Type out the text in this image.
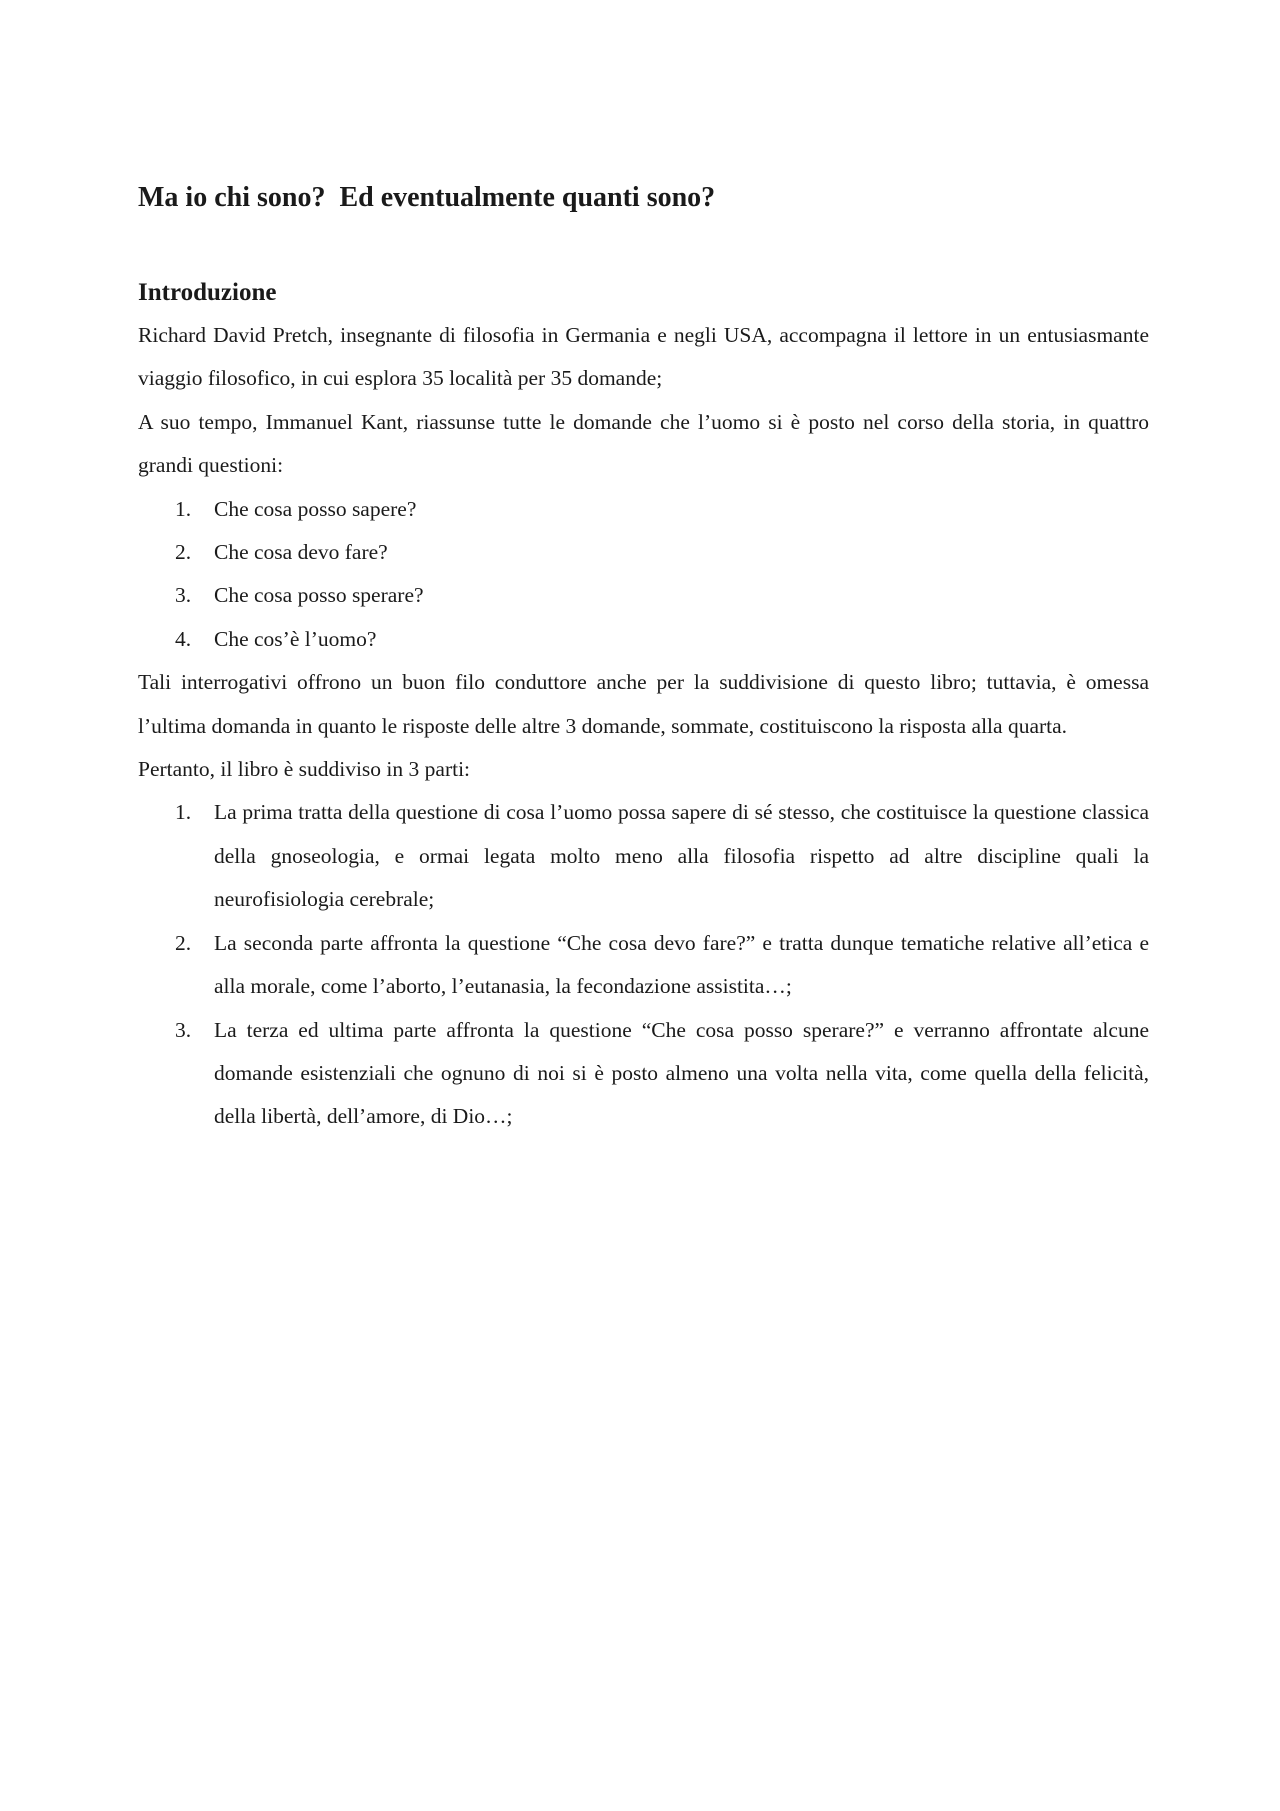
Ma io chi sono?  Ed eventualmente quanti sono?
Introduzione

Richard David Pretch, insegnante di filosofia in Germania e negli USA, accompagna il lettore in un entusiasmante viaggio filosofico, in cui esplora 35 località per 35 domande;

A suo tempo, Immanuel Kant, riassunse tutte le domande che l’uomo si è posto nel corso della storia, in quattro grandi questioni:

1. Che cosa posso sapere?
2. Che cosa devo fare?
3. Che cosa posso sperare?
4. Che cos’è l’uomo?

Tali interrogativi offrono un buon filo conduttore anche per la suddivisione di questo libro; tuttavia, è omessa l’ultima domanda in quanto le risposte delle altre 3 domande, sommate, costituiscono la risposta alla quarta.

Pertanto, il libro è suddiviso in 3 parti:

1. La prima tratta della questione di cosa l’uomo possa sapere di sé stesso, che costituisce la questione classica della gnoseologia, e ormai legata molto meno alla filosofia rispetto ad altre discipline quali la neurofisiologia cerebrale;
2. La seconda parte affronta la questione “Che cosa devo fare?” e tratta dunque tematiche relative all’etica e alla morale, come l’aborto, l’eutanasia, la fecondazione assistita…;
3. La terza ed ultima parte affronta la questione “Che cosa posso sperare?” e verranno affrontate alcune domande esistenziali che ognuno di noi si è posto almeno una volta nella vita, come quella della felicità, della libertà, dell’amore, di Dio…;
